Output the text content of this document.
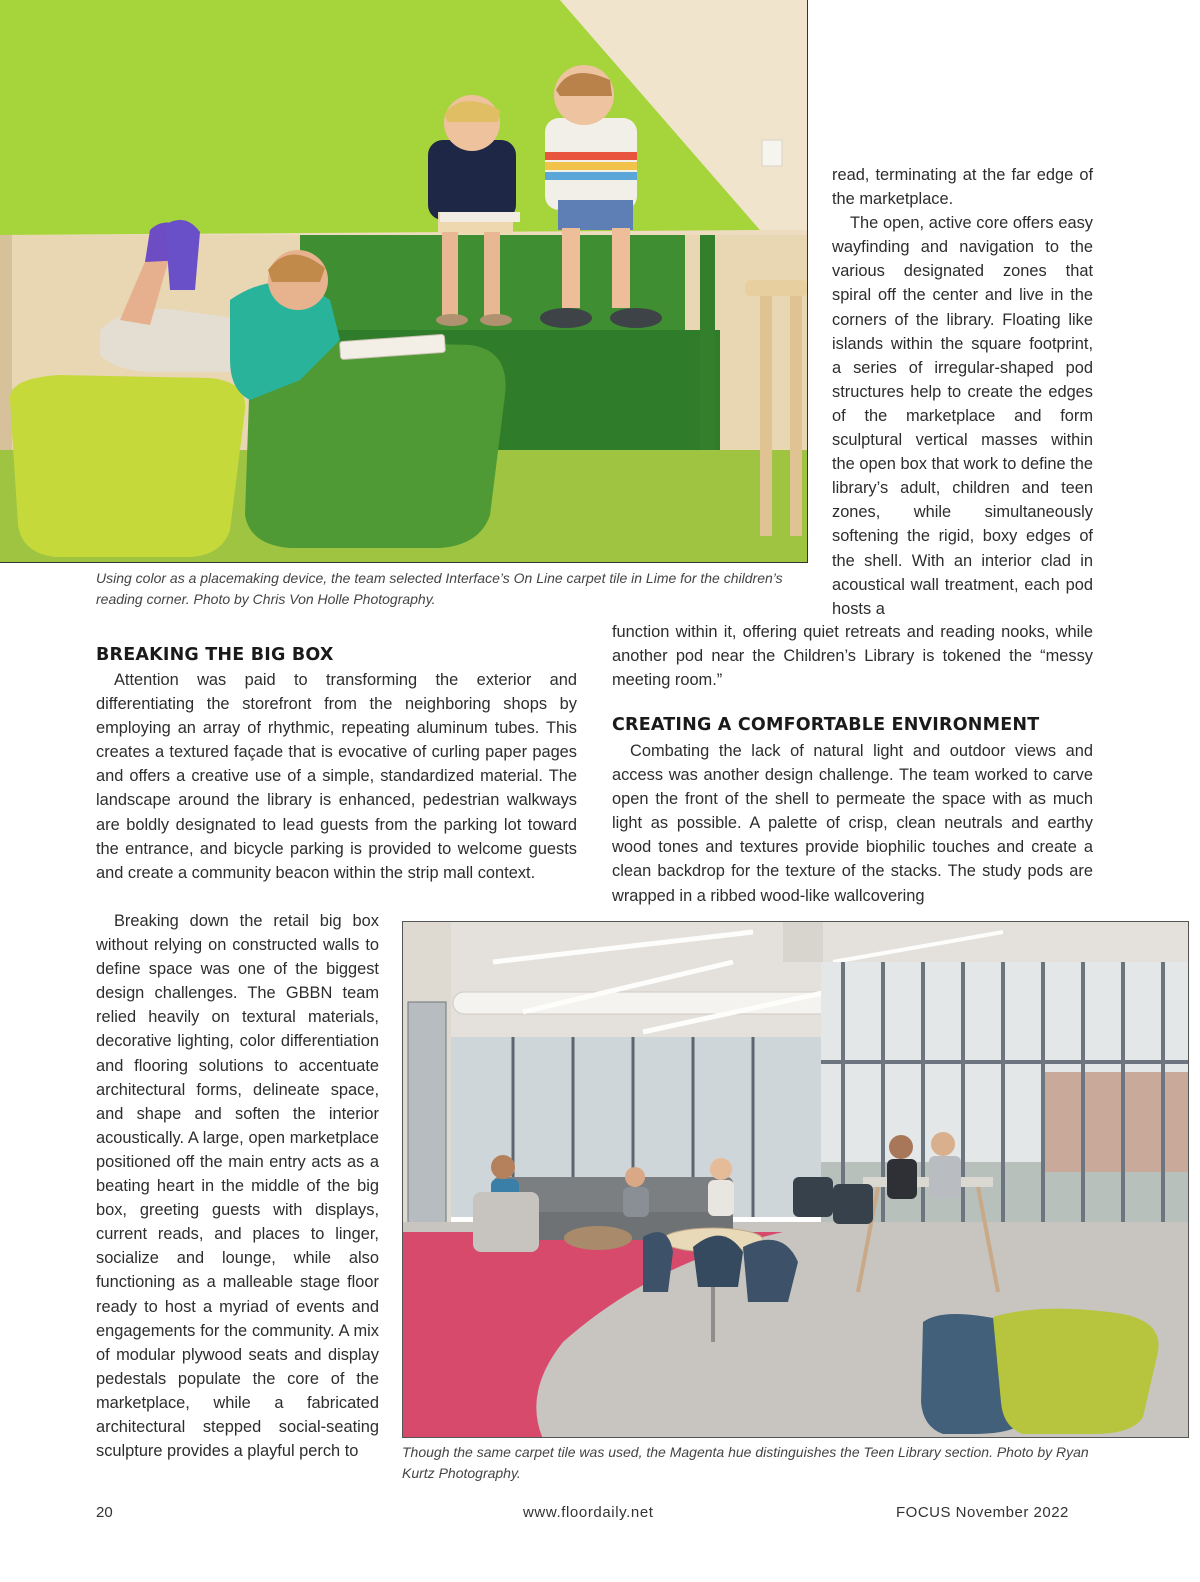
Using color as a placemaking device, the team selected Interface’s On Line carpet tile in Lime for the children’s reading corner. Photo by Chris Von Holle Photography.

read, terminating at the far edge of the marketplace.

The open, active core offers easy wayfinding and navigation to the various designated zones that spiral off the center and live in the corners of the library. Floating like islands within the square footprint, a series of irregular-shaped pod structures help to create the edges of the marketplace and form sculptural vertical masses within the open box that work to define the library’s adult, children and teen zones, while simultaneously softening the rigid, boxy edges of the shell. With an interior clad in acoustical wall treatment, each pod hosts a

function within it, offering quiet retreats and reading nooks, while another pod near the Children’s Library is tokened the “messy meeting room.”

CREATING A COMFORTABLE ENVIRONMENT

Combating the lack of natural light and outdoor views and access was another design challenge. The team worked to carve open the front of the shell to permeate the space with as much light as possible. A palette of crisp, clean neutrals and earthy wood tones and textures provide biophilic touches and create a clean backdrop for the texture of the stacks. The study pods are wrapped in a ribbed wood-like wallcovering

BREAKING THE BIG BOX

Attention was paid to transforming the exterior and differentiating the storefront from the neighboring shops by employing an array of rhythmic, repeating aluminum tubes. This creates a textured façade that is evocative of curling paper pages and offers a creative use of a simple, standardized material. The landscape around the library is enhanced, pedestrian walkways are boldly designated to lead guests from the parking lot toward the entrance, and bicycle parking is provided to welcome guests and create a community beacon within the strip mall context.

Breaking down the retail big box without relying on constructed walls to define space was one of the biggest design challenges. The GBBN team relied heavily on textural materials, decorative lighting, color differentiation and flooring solutions to accentuate architectural forms, delineate space, and shape and soften the interior acoustically. A large, open marketplace positioned off the main entry acts as a beating heart in the middle of the big box, greeting guests with displays, current reads, and places to linger, socialize and lounge, while also functioning as a malleable stage floor ready to host a myriad of events and engagements for the community. A mix of modular plywood seats and display pedestals populate the core of the marketplace, while a fabricated architectural stepped social-seating sculpture provides a playful perch to	Though the same carpet tile was used, the Magenta hue distinguishes the Teen Library section. Photo by Ryan Kurtz Photography.
20	www.floordaily.net	FOCUS November 2022
